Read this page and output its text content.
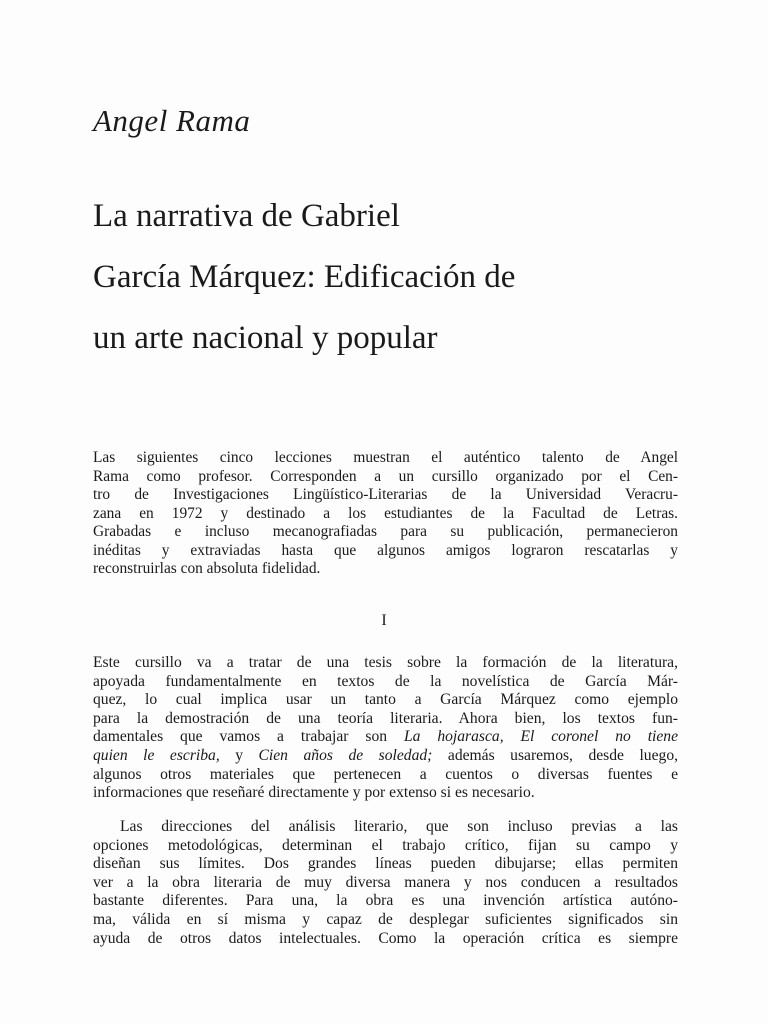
Angel Rama
La narrativa de Gabriel
García Márquez: Edificación de
un arte nacional y popular

Las siguientes cinco lecciones muestran el auténtico talento de Angel
Rama como profesor. Corresponden a un cursillo organizado por el Cen-
tro de Investigaciones Lingüístico-Literarias de la Universidad Veracru-
zana en 1972 y destinado a los estudiantes de la Facultad de Letras.
Grabadas e incluso mecanografiadas para su publicación, permanecieron
inéditas y extraviadas hasta que algunos amigos lograron rescatarlas y
reconstruirlas con absoluta fidelidad.

I

Este cursillo va a tratar de una tesis sobre la formación de la literatura,
apoyada fundamentalmente en textos de la novelística de García Már-
quez, lo cual implica usar un tanto a García Márquez como ejemplo
para la demostración de una teoría literaria. Ahora bien, los textos fun-
damentales que vamos a trabajar son La hojarasca, El coronel no tiene
quien le escriba, y Cien años de soledad; además usaremos, desde luego,
algunos otros materiales que pertenecen a cuentos o diversas fuentes e
informaciones que reseñaré directamente y por extenso si es necesario.

Las direcciones del análisis literario, que son incluso previas a las
opciones metodológicas, determinan el trabajo crítico, fijan su campo y
diseñan sus límites. Dos grandes líneas pueden dibujarse; ellas permiten
ver a la obra literaria de muy diversa manera y nos conducen a resultados
bastante diferentes. Para una, la obra es una invención artística autóno-
ma, válida en sí misma y capaz de desplegar suficientes significados sin
ayuda de otros datos intelectuales. Como la operación crítica es siempre
